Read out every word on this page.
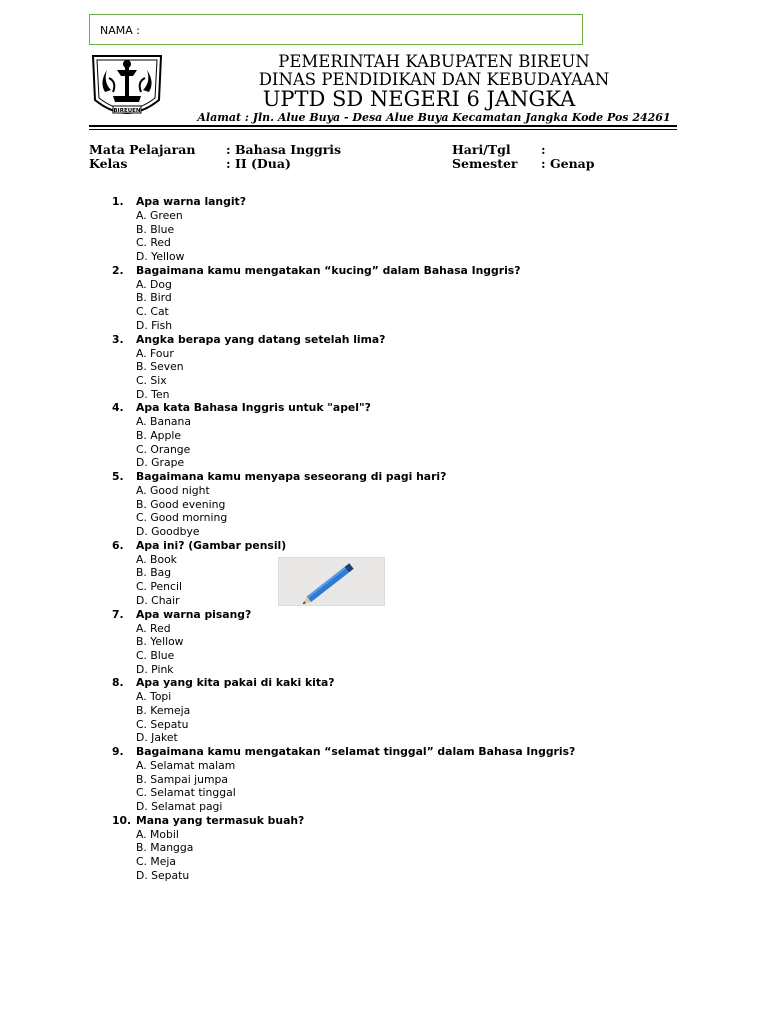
NAMA :
BIREUEN
PEMERINTAH KABUPATEN BIREUN
DINAS PENDIDIKAN DAN KEBUDAYAAN
UPTD SD NEGERI 6 JANGKA
Alamat : Jln. Alue Buya - Desa Alue Buya Kecamatan Jangka Kode Pos 24261
Mata Pelajaran : Bahasa Inggris
Kelas	: II (Dua)
Hari/Tgl :
Semester : Genap
1. Apa warna langit?
A. Green
B. Blue
C. Red
D. Yellow
2. Bagaimana kamu mengatakan “kucing” dalam Bahasa Inggris?
A. Dog
B. Bird
C. Cat
D. Fish
3. Angka berapa yang datang setelah lima?
A. Four
B. Seven
C. Six
D. Ten
4. Apa kata Bahasa Inggris untuk "apel"?
A. Banana
B. Apple
C. Orange
D. Grape
5. Bagaimana kamu menyapa seseorang di pagi hari?
A. Good night
B. Good evening
C. Good morning
D. Goodbye
6. Apa ini? (Gambar pensil)
A. Book
B. Bag
C. Pencil
D. Chair
7. Apa warna pisang?
A. Red
B. Yellow
C. Blue
D. Pink
8. Apa yang kita pakai di kaki kita?
A. Topi
B. Kemeja
C. Sepatu
D. Jaket
9. Bagaimana kamu mengatakan “selamat tinggal” dalam Bahasa Inggris?
A. Selamat malam
B. Sampai jumpa
C. Selamat tinggal
D. Selamat pagi
10. Mana yang termasuk buah?
A. Mobil
B. Mangga
C. Meja
D. Sepatu
